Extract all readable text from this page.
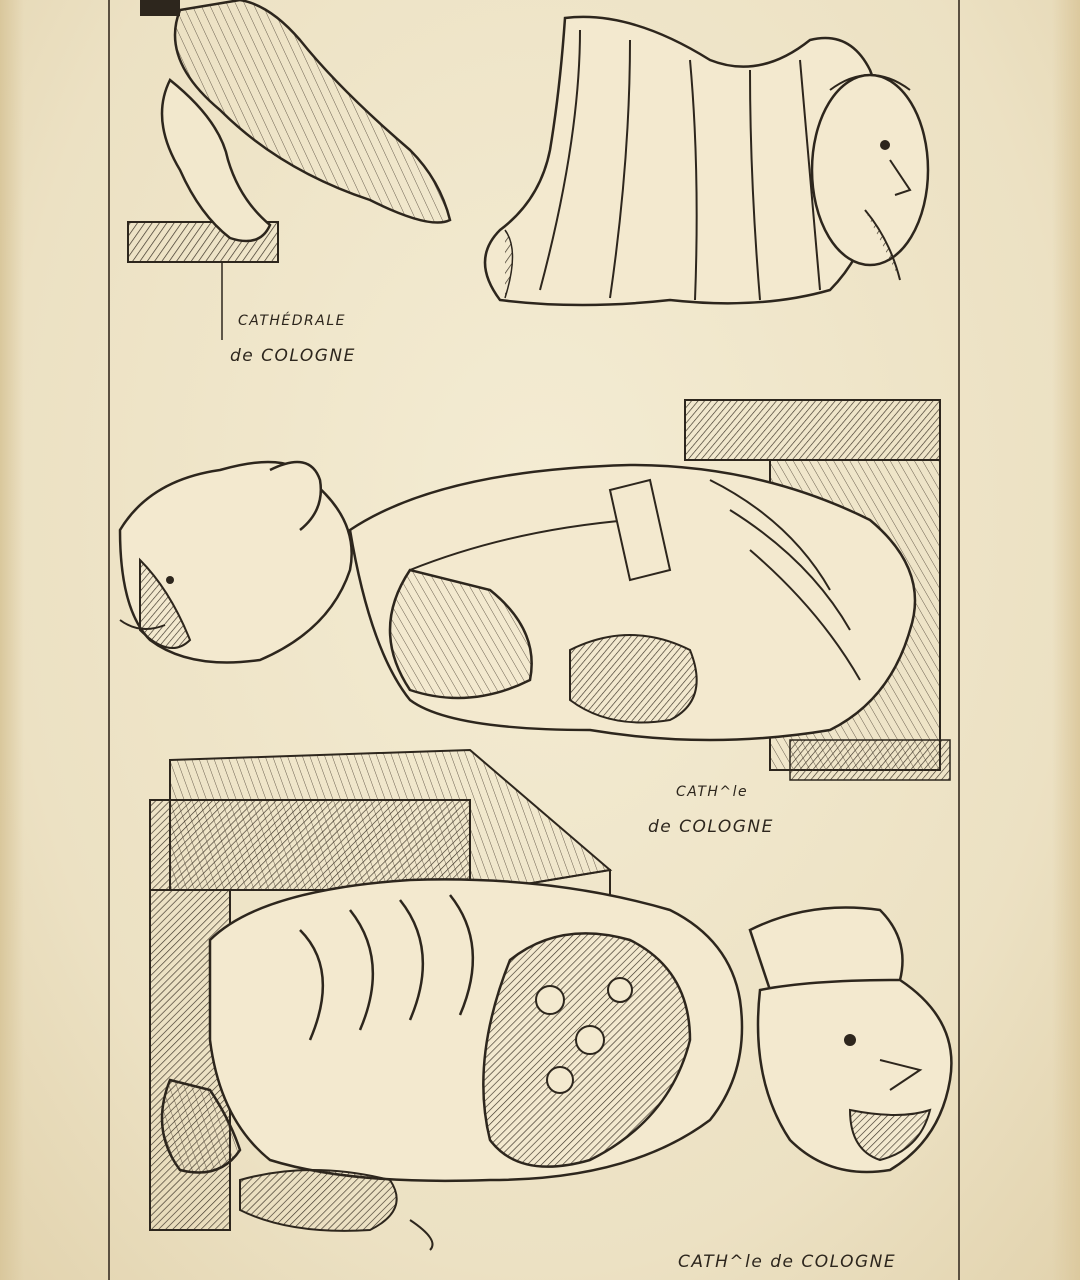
CATHÉDRALE
de COLOGNE
CATH^le
de COLOGNE
CATH^le de COLOGNE
